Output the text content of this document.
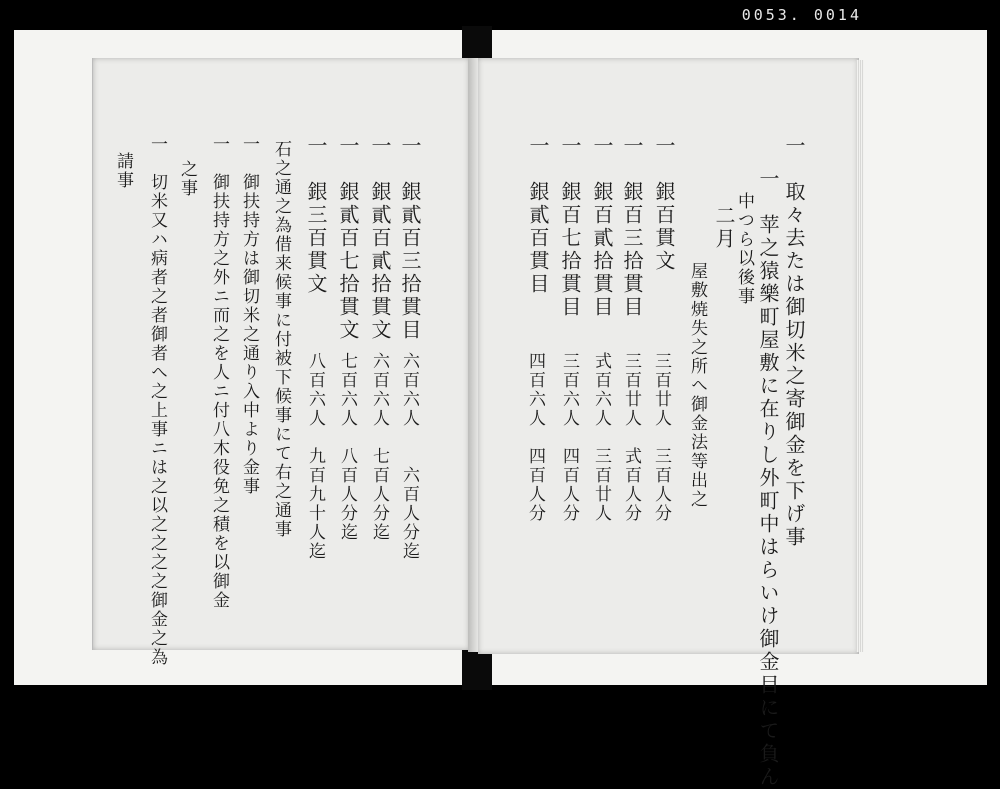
0053. 0014
一　取々去たは御切米之寄御金を下げ事
一　苹之猿樂町屋敷に在りし外町中はらいけ御金目にて負ん
中つら以後事
二月
屋敷焼失之所へ御金法等出之
一　銀百貫文
一　銀百三拾貫目
一　銀百貳拾貫目
一　銀百七拾貫目
一　銀貳百貫目
三百廿人　三百人分
三百廿人　式百人分
式百六人　三百廿人
三百六人　四百人分
四百六人　四百人分
一　銀貳百三拾貫目
一　銀貳百貳拾貫文
一　銀貳百七拾貫文
一　銀三百貫文
石之通之為借来候事に付被下候事にて右之通事
一　御扶持方は御切米之通り入中より金事
一　御扶持方之外ニ而之を人ニ付八木役免之積を以御金
之事
一　切米又ハ病者之者御者へ之上事ニは之以之之之之御金之為
請事
六百六人　　六百人分迄
六百六人　七百人分迄
七百六人　八百人分迄
八百六人　九百九十人迄
